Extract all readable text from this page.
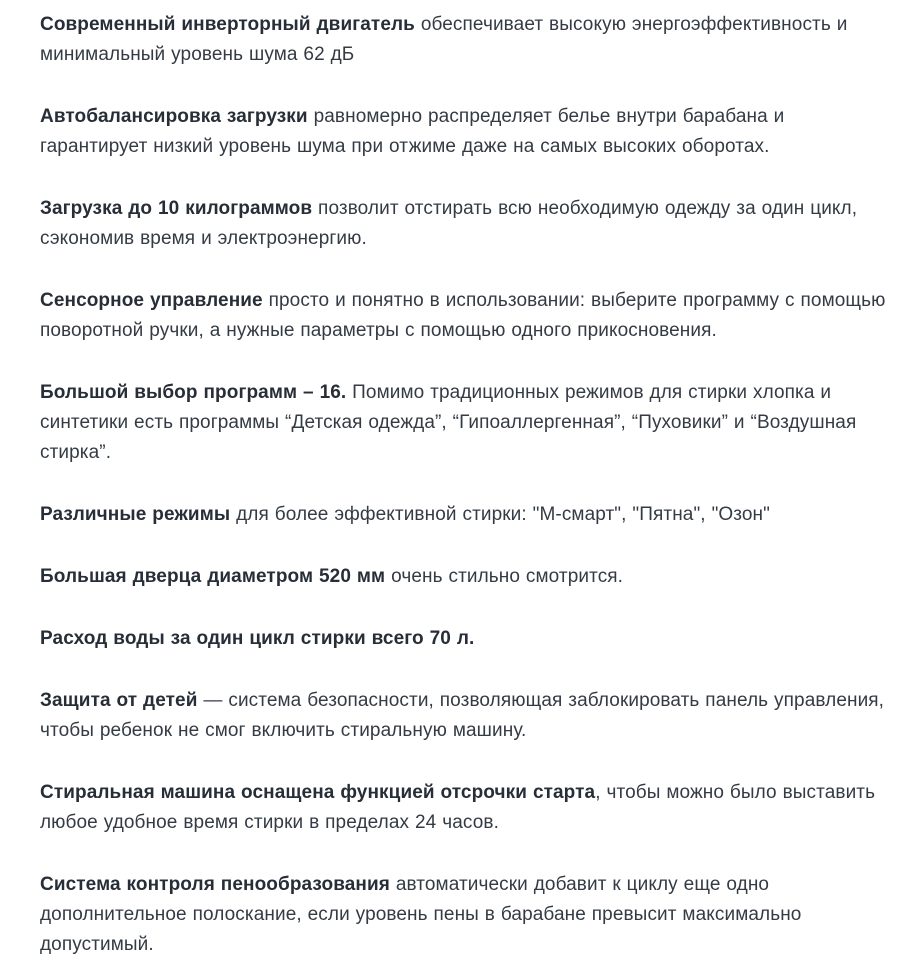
Современный инверторный двигатель обеспечивает высокую энергоэффективность и минимальный уровень шума 62 дБ

Автобалансировка загрузки равномерно распределяет белье внутри барабана и гарантирует низкий уровень шума при отжиме даже на самых высоких оборотах.

Загрузка до 10 килограммов позволит отстирать всю необходимую одежду за один цикл, сэкономив время и электроэнергию.

Сенсорное управление просто и понятно в использовании: выберите программу с помощью поворотной ручки, а нужные параметры с помощью одного прикосновения.

Большой выбор программ – 16. Помимо традиционных режимов для стирки хлопка и синтетики есть программы “Детская одежда”, “Гипоаллергенная”, “Пуховики” и “Воздушная стирка”.

Различные режимы для более эффективной стирки: "М-смарт", "Пятна", "Озон"

Большая дверца диаметром 520 мм очень стильно смотрится.

Расход воды за один цикл стирки всего 70 л.

Защита от детей — система безопасности, позволяющая заблокировать панель управления, чтобы ребенок не смог включить стиральную машину.

Стиральная машина оснащена функцией отсрочки старта, чтобы можно было выставить любое удобное время стирки в пределах 24 часов.

Система контроля пенообразования автоматически добавит к циклу еще одно дополнительное полоскание, если уровень пены в барабане превысит максимально допустимый.
